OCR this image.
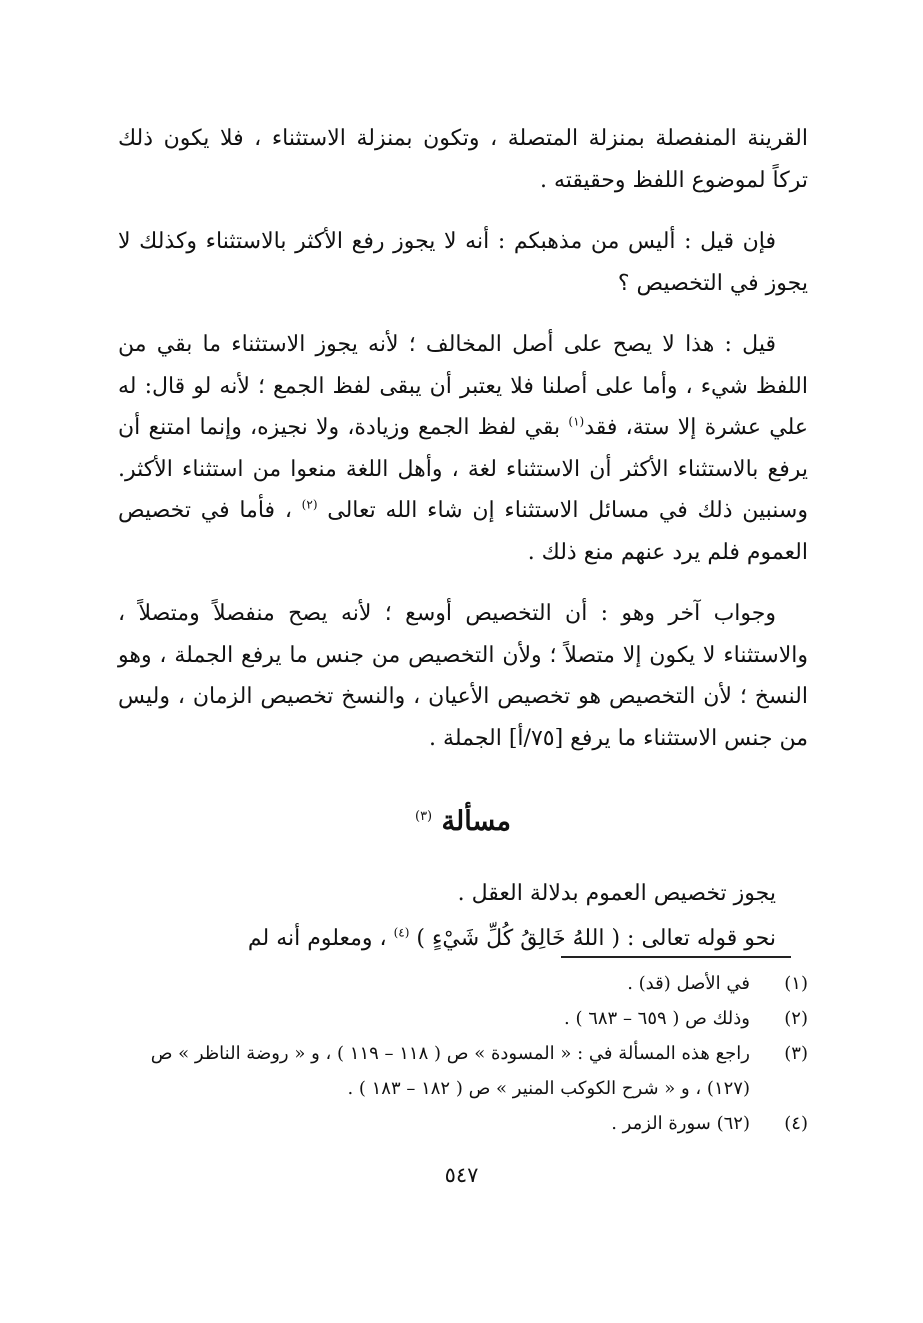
القرينة المنفصلة بمنزلة المتصلة ، وتكون بمنزلة الاستثناء ، فلا يكون ذلك تركاً لموضوع اللفظ وحقيقته .

فإن قيل : أليس من مذهبكم : أنه لا يجوز رفع الأكثر بالاستثناء وكذلك لا يجوز في التخصيص ؟

قيل : هذا لا يصح على أصل المخالف ؛ لأنه يجوز الاستثناء ما بقي من اللفظ شيء ، وأما على أصلنا فلا يعتبر أن يبقى لفظ الجمع ؛ لأنه لو قال: له علي عشرة إلا ستة، فقد$^{(١)}$ بقي لفظ الجمع وزيادة، ولا نجيزه، وإنما امتنع أن يرفع بالاستثناء الأكثر أن الاستثناء لغة ، وأهل اللغة منعوا من استثناء الأكثر. وسنبين ذلك في مسائل الاستثناء إن شاء الله تعالى $^{(٢)}$ ، فأما في تخصيص العموم فلم يرد عنهم منع ذلك .

وجواب آخر وهو : أن التخصيص أوسع ؛ لأنه يصح منفصلاً ومتصلاً ، والاستثناء لا يكون إلا متصلاً ؛ ولأن التخصيص من جنس ما يرفع الجملة ، وهو النسخ ؛ لأن التخصيص هو تخصيص الأعيان ، والنسخ تخصيص الزمان ، وليس من جنس الاستثناء ما يرفع [٧٥/أ] الجملة .

مسألة $^{(٣)}$

يجوز تخصيص العموم بدلالة العقل .

نحو قوله تعالى : ( اللهُ خَالِقُ كُلِّ شَيْءٍ ) $^{(٤)}$ ، ومعلوم أنه لم

(١)
في الأصل (قد) .

(٢)
وذلك ص ( ٦٥٩ – ٦٨٣ ) .

(٣)
راجع هذه المسألة في : « المسودة » ص ( ١١٨ – ١١٩ ) ، و « روضة الناظر » ص (١٢٧) ، و « شرح الكوكب المنير » ص ( ١٨٢ – ١٨٣ ) .

(٤)
(٦٢) سورة الزمر .

٥٤٧
